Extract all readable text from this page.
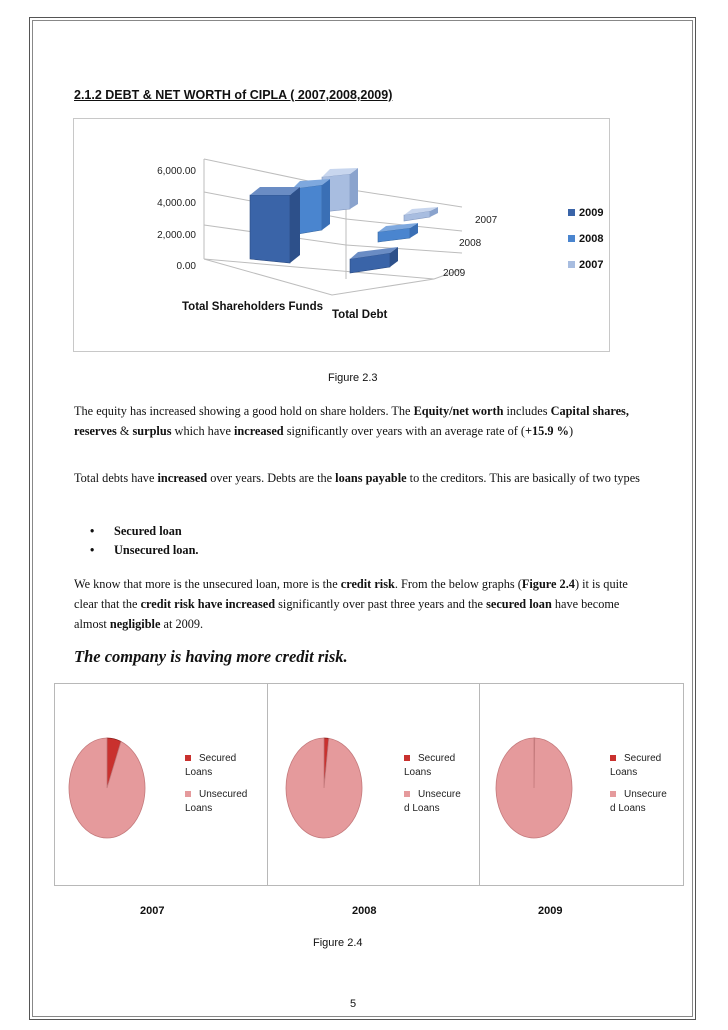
2.1.2 DEBT & NET WORTH of CIPLA ( 2007,2008,2009)
6,000.00
4,000.00
2,000.00
0.00
2007
2008
2009
Total Shareholders Funds
Total Debt
2009
2008
2007
Figure 2.3
The equity has increased showing a good hold on share holders. The Equity/net worth includes Capital shares, reserves & surplus which have increased significantly over years with an average rate of (+15.9 %)
Total debts have increased over years. Debts are the loans payable to the creditors. This are basically of two types
• Secured loan
• Unsecured loan.
We know that more is the unsecured loan, more is the credit risk. From the below graphs (Figure 2.4) it is quite clear that the credit risk have increased significantly over past three years and the secured loan have become almost negligible at 2009.
The company is having more credit risk.
Secured
Loans
Unsecured
Loans
Secured
Loans
Unsecure
d Loans
Secured
Loans
Unsecure
d Loans
2007	2008	2009
Figure 2.4
5
